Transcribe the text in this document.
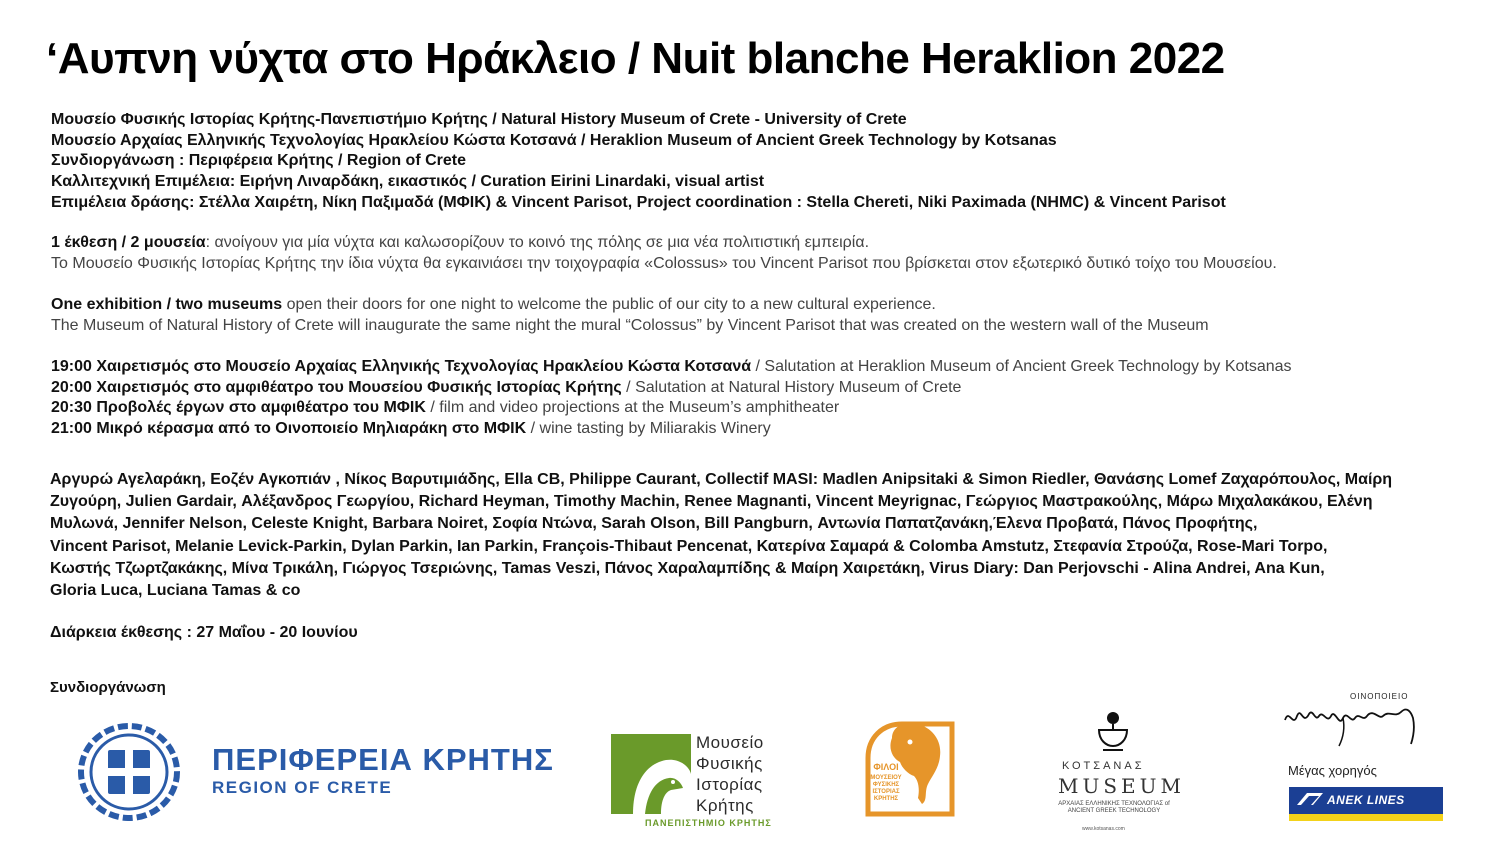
‘Αυπνη νύχτα στο Ηράκλειο / Nuit blanche Heraklion 2022
Μουσείο Φυσικής Ιστορίας Κρήτης-Πανεπιστήμιο Κρήτης / Natural History Museum of Crete - University of Crete
Μουσείο Αρχαίας Ελληνικής Τεχνολογίας Ηρακλείου Κώστα Κοτσανά / Heraklion Museum of Ancient Greek Technology by Kotsanas
Συνδιοργάνωση : Περιφέρεια Κρήτης / Region of Crete
Καλλιτεχνική Επιμέλεια: Ειρήνη Λιναρδάκη, εικαστικός / Curation Eirini Linardaki, visual artist
Επιμέλεια δράσης: Στέλλα Χαιρέτη, Νίκη Παξιμαδά (ΜΦΙΚ) & Vincent Parisot, Project coordination : Stella Chereti, Niki Paximada (NHMC) & Vincent Parisot
1 έκθεση / 2 μουσεία: ανοίγουν για μία νύχτα και καλωσορίζουν το κοινό της πόλης σε μια νέα πολιτιστική εμπειρία.
Το Μουσείο Φυσικής Ιστορίας Κρήτης την ίδια νύχτα θα εγκαινιάσει την τοιχογραφία «Colossus» του Vincent Parisot που βρίσκεται στον εξωτερικό δυτικό τοίχο του Μουσείου.
One exhibition / two museums open their doors for one night to welcome the public of our city to a new cultural experience.
The Museum of Natural History of Crete will inaugurate the same night the mural “Colossus” by Vincent Parisot that was created on the western wall of the Museum
19:00 Χαιρετισμός στο Μουσείο Αρχαίας Ελληνικής Τεχνολογίας Ηρακλείου Κώστα Κοτσανά / Salutation at Heraklion Museum of Ancient Greek Technology by Kotsanas
20:00 Χαιρετισμός στο αμφιθέατρο του Μουσείου Φυσικής Ιστορίας Κρήτης / Salutation at Natural History Museum of Crete
20:30 Προβολές έργων στο αμφιθέατρο του ΜΦΙΚ / film and video projections at the Museum’s amphitheater
21:00 Μικρό κέρασμα από το Οινοποιείο Μηλιαράκη στο ΜΦΙΚ / wine tasting by Miliarakis Winery
Αργυρώ Αγελαράκη, Εοζέν Αγκοπιάν , Νίκος Βαρυτιμιάδης, Ella CB, Philippe Caurant, Collectif MASI: Madlen Anipsitaki & Simon Riedler, Θανάσης Lomef Ζαχαρόπουλος, Μαίρη
Ζυγούρη, Julien Gardair, Αλέξανδρος Γεωργίου, Richard Heyman, Timothy Machin, Renee Magnanti, Vincent Meyrignac, Γεώργιος Μαστρακούλης, Μάρω Μιχαλακάκου, Ελένη
Μυλωνά, Jennifer Nelson, Celeste Knight, Barbara Noiret, Σοφία Ντώνα, Sarah Olson, Bill Pangburn, Αντωνία Παπατζανάκη,Έλενα Προβατά, Πάνος Προφήτης,
Vincent Parisot, Melanie Levick-Parkin, Dylan Parkin, Ian Parkin, François-Thibaut Pencenat, Κατερίνα Σαμαρά & Colomba Amstutz, Στεφανία Στρούζα, Rose-Mari Torpo,
Κωστής Τζωρτζακάκης, Μίνα Τρικάλη, Γιώργος Τσεριώνης, Tamas Veszi, Πάνος Χαραλαμπίδης & Μαίρη Χαιρετάκη, Virus Diary: Dan Perjovschi - Alina Andrei, Ana Kun,
Gloria Luca, Luciana Tamas & co
Διάρκεια έκθεσης : 27 Μαΐου - 20 Ιουνίου
Συνδιοργάνωση
ΠΕΡΙΦΕΡΕΙΑ ΚΡΗΤΗΣ
REGION OF CRETE
Μουσείο
Φυσικής
Ιστορίας
Κρήτης
ΠΑΝΕΠΙΣΤΗΜΙΟ ΚΡΗΤΗΣ
ΦΙΛΟΙ
ΜΟΥΣΕΙΟΥ
ΦΥΣΙΚΗΣ
ΙΣΤΟΡΙΑΣ
ΚΡΗΤΗΣ
ΚΟΤΣΑΝΑΣ
MUSEUM
ΑΡΧΑΙΑΣ ΕΛΛΗΝΙΚΗΣ ΤΕΧΝΟΛΟΓΙΑΣ of ANCIENT GREEK TECHNOLOGY
www.kotsanas.com
ΟΙΝΟΠΟΙΕΙΟ
Μέγας χορηγός
ANEK LINES
